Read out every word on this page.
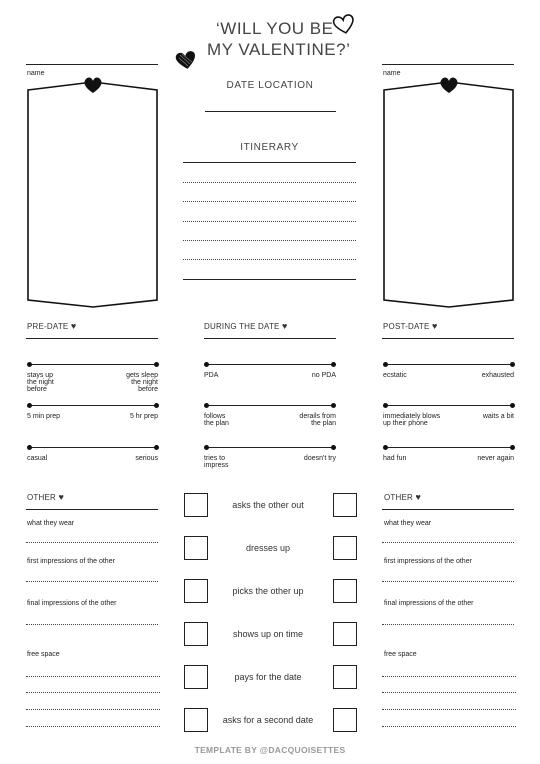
‘WILL YOU BE
MY VALENTINE?’
name	name
DATE LOCATION
ITINERARY
PRE-DATE ♥	DURING THE DATE ♥	POST-DATE ♥
stays up
the night
before
gets sleep
the night
before
5 min prep	5 hr prep
casual	serious
PDA	no PDA
follows
the plan
derails from
the plan
tries to
impress
doesn't try
ecstatic	exhausted
immediately blows
up their phone
waits a bit
had fun	never again
OTHER ♥
what they wear
first impressions of the other
final impressions of the other
free space
OTHER ♥
what they wear
first impressions of the other
final impressions of the other
free space
asks the other out
dresses up
picks the other up
shows up on time
pays for the date
asks for a second date
TEMPLATE BY @DACQUOISETTES
